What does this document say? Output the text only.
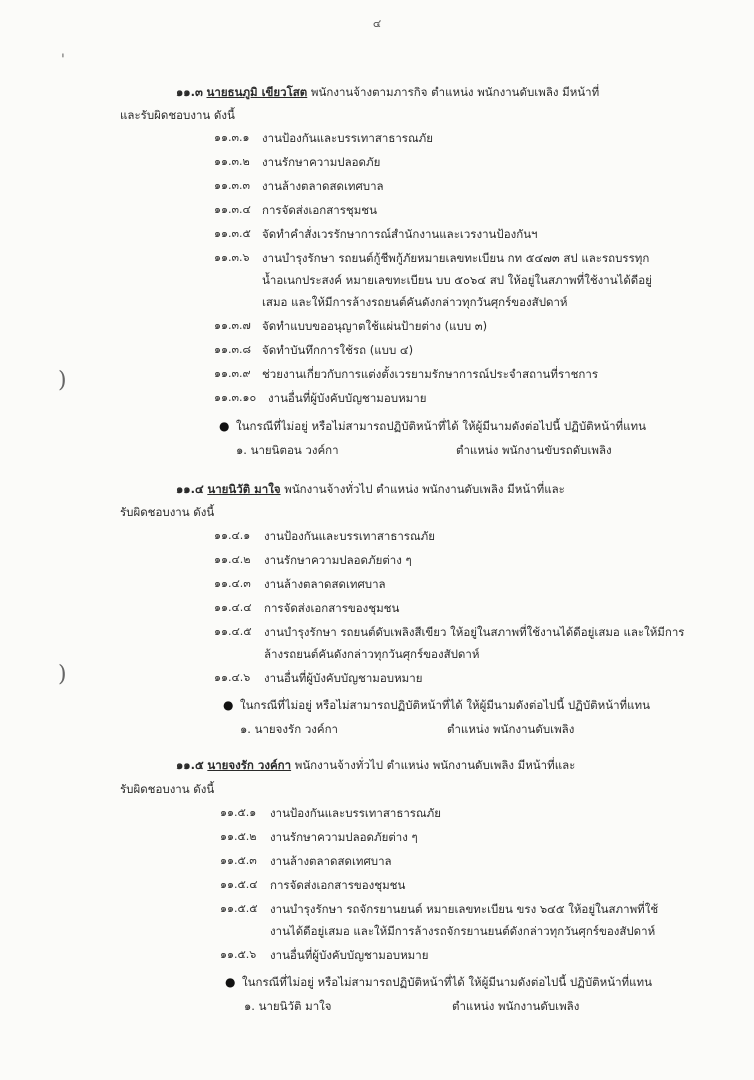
๔
'
)
)
๑๑.๓ นายธนภูมิ เขียวโสต พนักงานจ้างตามภารกิจ ตำแหน่ง พนักงานดับเพลิง มีหน้าที่
และรับผิดชอบงาน ดังนี้
๑๑.๓.๑ งานป้องกันและบรรเทาสาธารณภัย
๑๑.๓.๒ งานรักษาความปลอดภัย
๑๑.๓.๓ งานล้างตลาดสดเทศบาล
๑๑.๓.๔ การจัดส่งเอกสารชุมชน
๑๑.๓.๕ จัดทำคำสั่งเวรรักษาการณ์สำนักงานและเวรงานป้องกันฯ
๑๑.๓.๖ งานบำรุงรักษา รถยนต์กู้ชีพกู้ภัยหมายเลขทะเบียน กท ๕๔๗๓ สป และรถบรรทุก
น้ำอเนกประสงค์ หมายเลขทะเบียน บบ ๕๐๖๔ สป ให้อยู่ในสภาพที่ใช้งานได้ดีอยู่
เสมอ และให้มีการล้างรถยนต์คันดังกล่าวทุกวันศุกร์ของสัปดาห์
๑๑.๓.๗ จัดทำแบบขออนุญาตใช้แผ่นป้ายต่าง (แบบ ๓)
๑๑.๓.๘ จัดทำบันทึกการใช้รถ (แบบ ๔)
๑๑.๓.๙ ช่วยงานเกี่ยวกับการแต่งตั้งเวรยามรักษาการณ์ประจำสถานที่ราชการ
๑๑.๓.๑๐ งานอื่นที่ผู้บังคับบัญชามอบหมาย
● ในกรณีที่ไม่อยู่ หรือไม่สามารถปฏิบัติหน้าที่ได้ ให้ผู้มีนามดังต่อไปนี้ ปฏิบัติหน้าที่แทน
๑. นายนิตอน วงค์กา	ตำแหน่ง พนักงานขับรถดับเพลิง
๑๑.๔ นายนิวัติ มาใจ พนักงานจ้างทั่วไป ตำแหน่ง พนักงานดับเพลิง มีหน้าที่และ
รับผิดชอบงาน ดังนี้
๑๑.๔.๑ งานป้องกันและบรรเทาสาธารณภัย
๑๑.๔.๒ งานรักษาความปลอดภัยต่าง ๆ
๑๑.๔.๓ งานล้างตลาดสดเทศบาล
๑๑.๔.๔ การจัดส่งเอกสารของชุมชน
๑๑.๔.๕ งานบำรุงรักษา รถยนต์ดับเพลิงสีเขียว ให้อยู่ในสภาพที่ใช้งานได้ดีอยู่เสมอ และให้มีการ
ล้างรถยนต์คันดังกล่าวทุกวันศุกร์ของสัปดาห์
๑๑.๔.๖ งานอื่นที่ผู้บังคับบัญชามอบหมาย
● ในกรณีที่ไม่อยู่ หรือไม่สามารถปฏิบัติหน้าที่ได้ ให้ผู้มีนามดังต่อไปนี้ ปฏิบัติหน้าที่แทน
๑. นายจงรัก วงค์กา	ตำแหน่ง พนักงานดับเพลิง
๑๑.๕ นายจงรัก วงค์กา พนักงานจ้างทั่วไป ตำแหน่ง พนักงานดับเพลิง มีหน้าที่และ
รับผิดชอบงาน ดังนี้
๑๑.๕.๑ งานป้องกันและบรรเทาสาธารณภัย
๑๑.๕.๒ งานรักษาความปลอดภัยต่าง ๆ
๑๑.๕.๓ งานล้างตลาดสดเทศบาล
๑๑.๕.๔ การจัดส่งเอกสารของชุมชน
๑๑.๕.๕ งานบำรุงรักษา รถจักรยานยนต์ หมายเลขทะเบียน ขรง ๖๔๕ ให้อยู่ในสภาพที่ใช้
งานได้ดีอยู่เสมอ และให้มีการล้างรถจักรยานยนต์ดังกล่าวทุกวันศุกร์ของสัปดาห์
๑๑.๕.๖ งานอื่นที่ผู้บังคับบัญชามอบหมาย
● ในกรณีที่ไม่อยู่ หรือไม่สามารถปฏิบัติหน้าที่ได้ ให้ผู้มีนามดังต่อไปนี้ ปฏิบัติหน้าที่แทน
๑. นายนิวัติ มาใจ	ตำแหน่ง พนักงานดับเพลิง
